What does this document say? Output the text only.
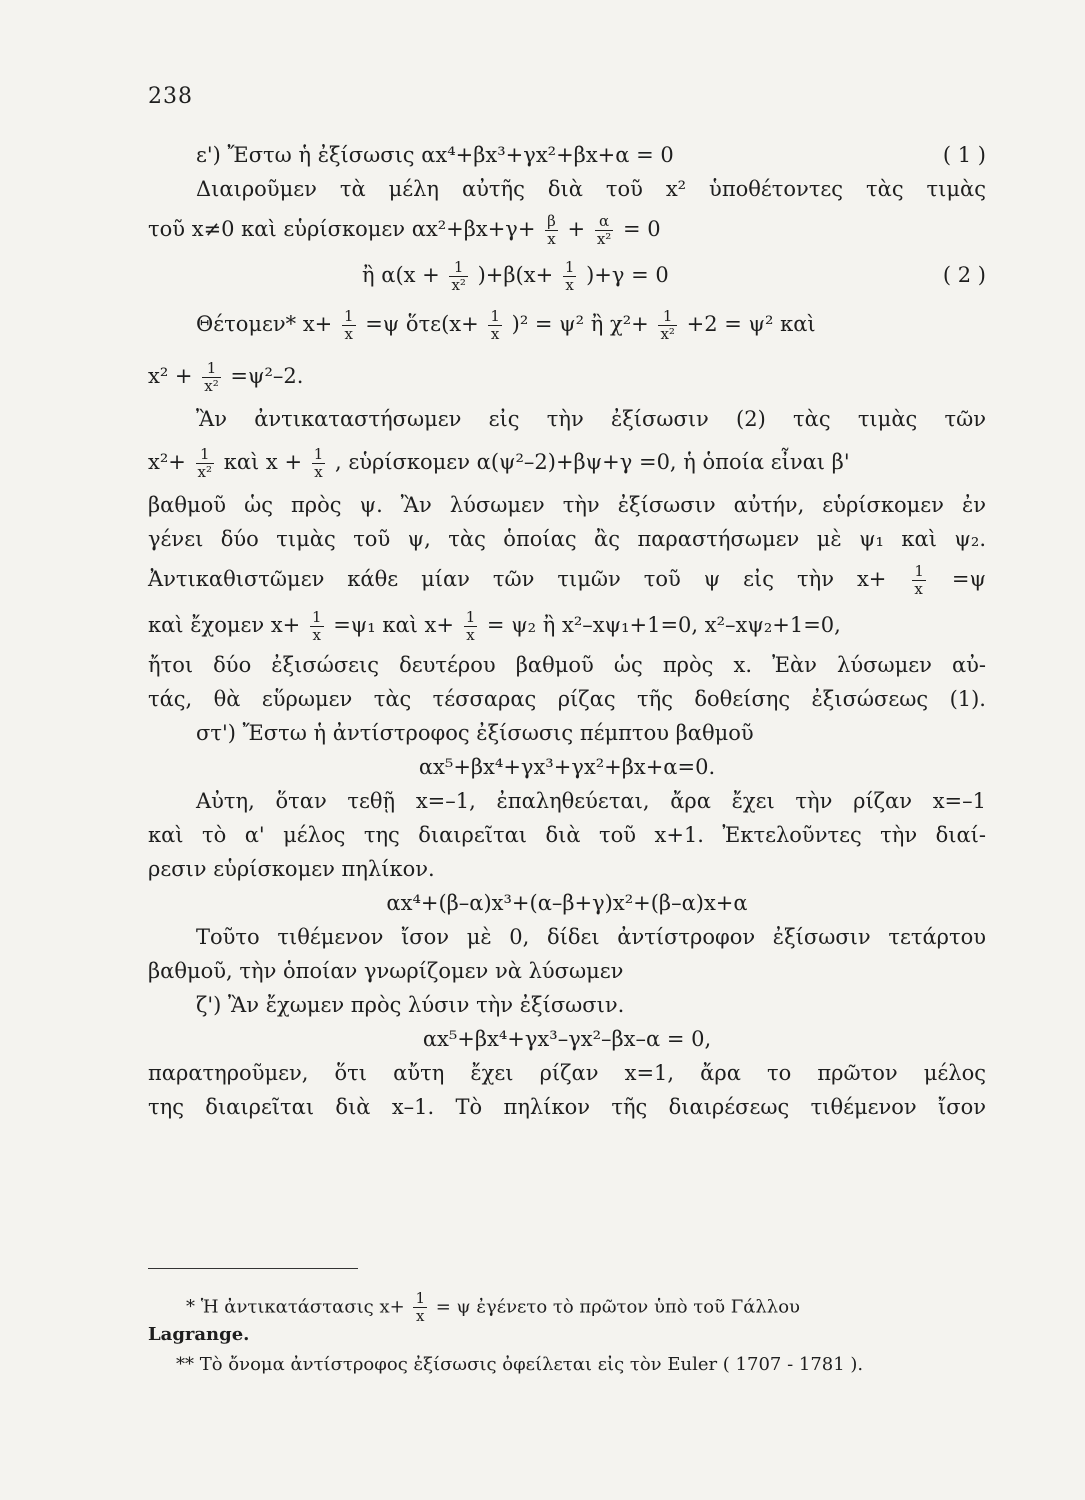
238
ε') Ἔστω ἡ ἐξίσωσις αx⁴+βx³+γx²+βx+α = 0	( 1 )
Διαιροῦμεν τὰ μέλη αὐτῆς διὰ τοῦ x² ὑποθέτοντες τὰς τιμὰς
τοῦ x≠0 καὶ εὑρίσκομεν $\alpha x^2+\beta x+\gamma+ \frac{\beta}{x} + \frac{\alpha}{\text{x²}} = 0$
ἢ $\alpha(x + \frac{1}{\text{x²}} )+\beta(x+ \frac{1}{x} )+\gamma = 0$	( 2 )
Θέτομεν* $x+ \frac{1}{x} =\psi$ ὅτε(x+ $\frac{1}{x} )^2 = \psi^2$ ἢ $\chi^2+ \frac{1}{\text{x²}} +2 = \psi^2$ καὶ
$x^2 + \frac{1}{\text{x²}} =\psi^2-2$.
Ἂν ἀντικαταστήσωμεν εἰς τὴν ἐξίσωσιν (2) τὰς τιμὰς τῶν
$x^2+ \frac{1}{\text{x²}}$ καὶ $x + \frac{1}{x}$ , εὑρίσκομεν α(ψ²–2)+βψ+γ =0, ἡ ὁποία εἶναι β'
βαθμοῦ ὡς πρὸς ψ. Ἂν λύσωμεν τὴν ἐξίσωσιν αὐτήν, εὑρίσκομεν ἐν
γένει δύο τιμὰς τοῦ ψ, τὰς ὁποίας ἂς παραστήσωμεν μὲ ψ₁ καὶ ψ₂.
Ἀντικαθιστῶμεν κάθε μίαν τῶν τιμῶν τοῦ ψ εἰς τὴν $x+ \frac{1}{x} =\psi$
καὶ ἔχομεν $x+ \frac{1}{x} =\psi_1$ καὶ $x+ \frac{1}{x} = \psi_2$ ἢ x²–xψ₁+1=0, x²–xψ₂+1=0,
ἤτοι δύο ἐξισώσεις δευτέρου βαθμοῦ ὡς πρὸς x. Ἐὰν λύσωμεν αὐ-
τάς, θὰ εὕρωμεν τὰς τέσσαρας ρίζας τῆς δοθείσης ἐξισώσεως (1).
στ') Ἔστω ἡ ἀντίστροφος ἐξίσωσις πέμπτου βαθμοῦ
αx⁵+βx⁴+γx³+γx²+βx+α=0.
Αὐτη, ὅταν τεθῇ x=–1, ἐπαληθεύεται, ἄρα ἔχει τὴν ρίζαν x=–1
καὶ τὸ α' μέλος της διαιρεῖται διὰ τοῦ x+1. Ἐκτελοῦντες τὴν διαί-
ρεσιν εὑρίσκομεν πηλίκον.
αx⁴+(β–α)x³+(α–β+γ)x²+(β–α)x+α
Τοῦτο τιθέμενον ἴσον μὲ 0, δίδει ἀντίστροφον ἐξίσωσιν τετάρτου
βαθμοῦ, τὴν ὁποίαν γνωρίζομεν νὰ λύσωμεν
ζ') Ἂν ἔχωμεν πρὸς λύσιν τὴν ἐξίσωσιν.
αx⁵+βx⁴+γx³–γx²–βx–α = 0,
παρατηροῦμεν, ὅτι αὔτη ἔχει ρίζαν x=1, ἄρα το πρῶτον μέλος
της διαιρεῖται διὰ x–1. Τὸ πηλίκον τῆς διαιρέσεως τιθέμενον ἴσον
* Ἡ ἀντικατάστασις $x+ \frac{1}{x} = \psi$ ἐγένετο τὸ πρῶτον ὑπὸ τοῦ Γάλλου
Lagrange.
** Τὸ ὄνομα ἀντίστροφος ἐξίσωσις ὀφείλεται εἰς τὸν Euler ( 1707 - 1781 ).
